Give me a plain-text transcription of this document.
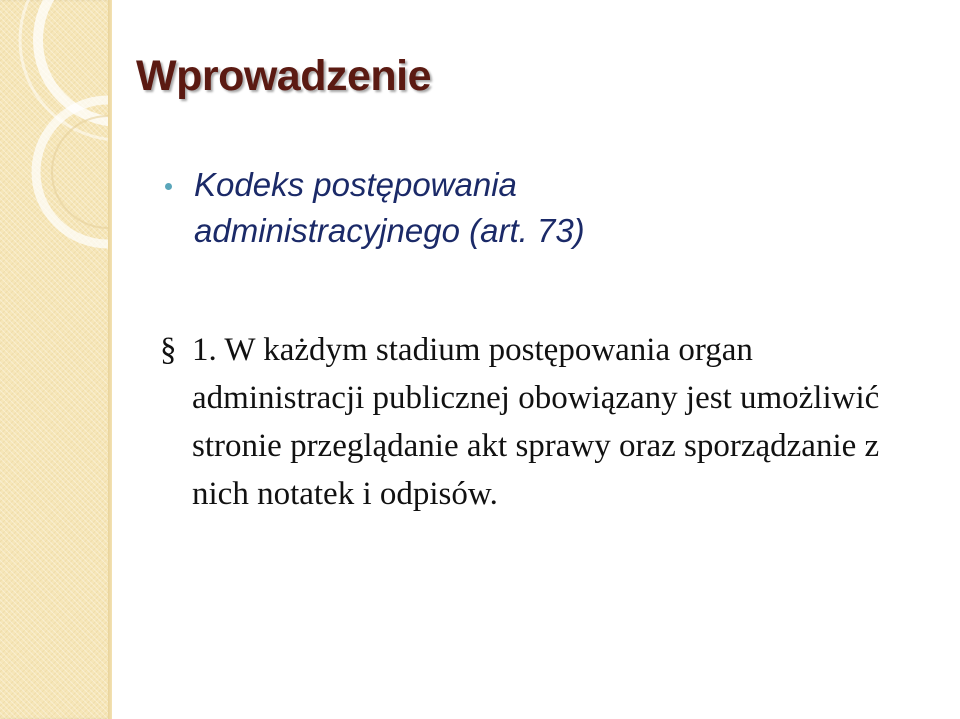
Wprowadzenie

Kodeks postępowania
administracyjnego (art. 73)

§ 1. W każdym stadium postępowania organ administracji publicznej obowiązany jest umożliwić stronie przeglądanie akt sprawy oraz sporządzanie z nich notatek i odpisów.
